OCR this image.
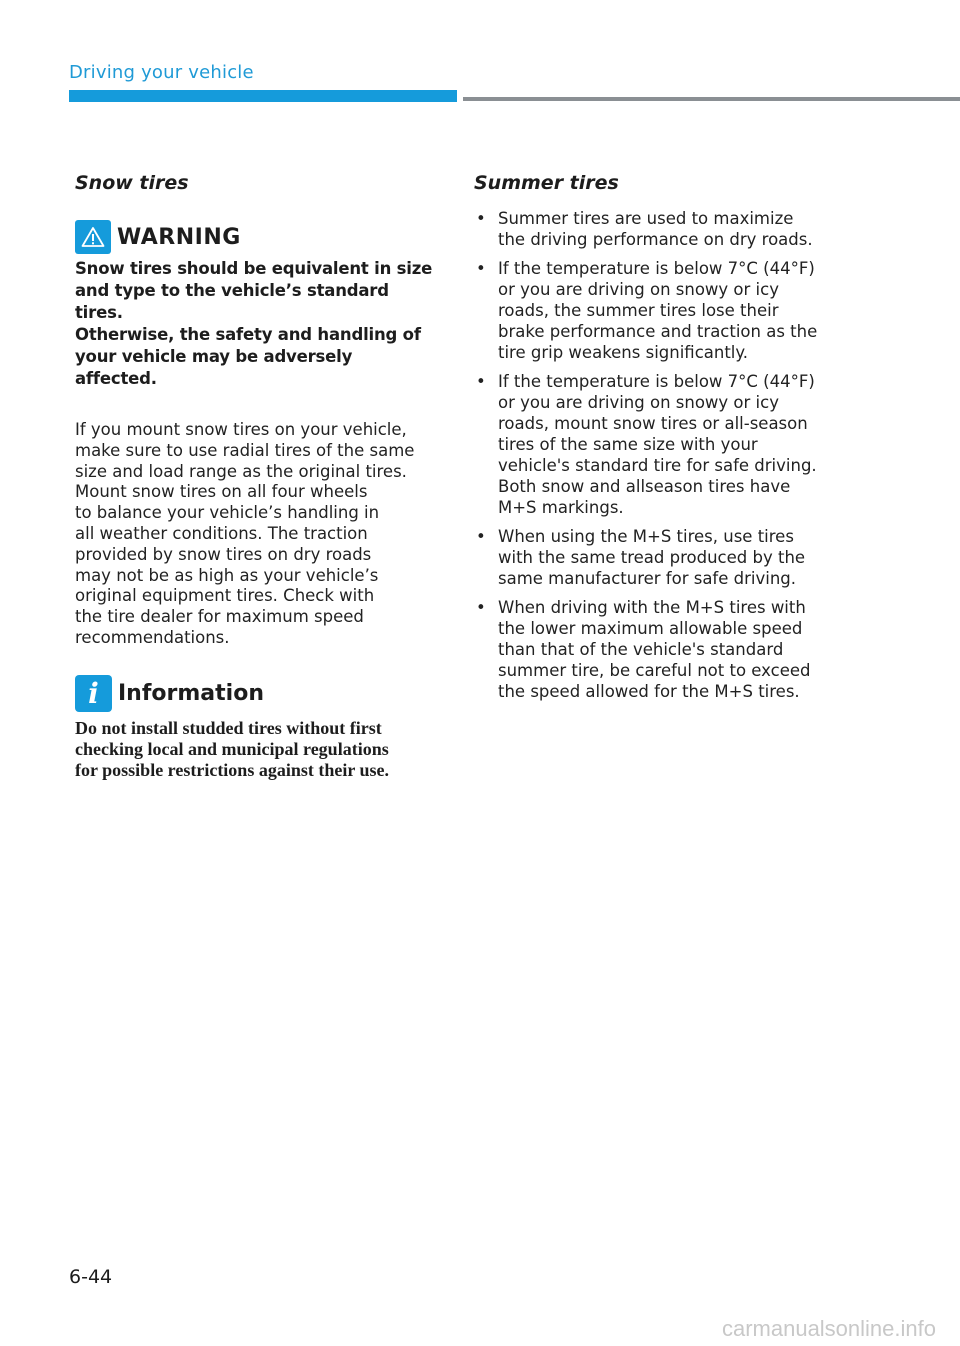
Driving your vehicle
Snow tires
WARNING
Snow tires should be equivalent in size
and type to the vehicle’s standard tires.
Otherwise, the safety and handling of
your vehicle may be adversely affected.
If you mount snow tires on your vehicle,
make sure to use radial tires of the same
size and load range as the original tires.
Mount snow tires on all four wheels
to balance your vehicle’s handling in
all weather conditions. The traction
provided by snow tires on dry roads
may not be as high as your vehicle’s
original equipment tires. Check with
the tire dealer for maximum speed
recommendations.
i Information
Do not install studded tires without first
checking local and municipal regulations
for possible restrictions against their use.
Summer tires
• Summer tires are used to maximize
the driving performance on dry roads.
• If the temperature is below 7°C (44°F)
or you are driving on snowy or icy
roads, the summer tires lose their
brake performance and traction as the
tire grip weakens significantly.
• If the temperature is below 7°C (44°F)
or you are driving on snowy or icy
roads, mount snow tires or all-season
tires of the same size with your
vehicle's standard tire for safe driving.
Both snow and allseason tires have
M+S markings.
• When using the M+S tires, use tires
with the same tread produced by the
same manufacturer for safe driving.
• When driving with the M+S tires with
the lower maximum allowable speed
than that of the vehicle's standard
summer tire, be careful not to exceed
the speed allowed for the M+S tires.
6-44
carmanualsonline.info
